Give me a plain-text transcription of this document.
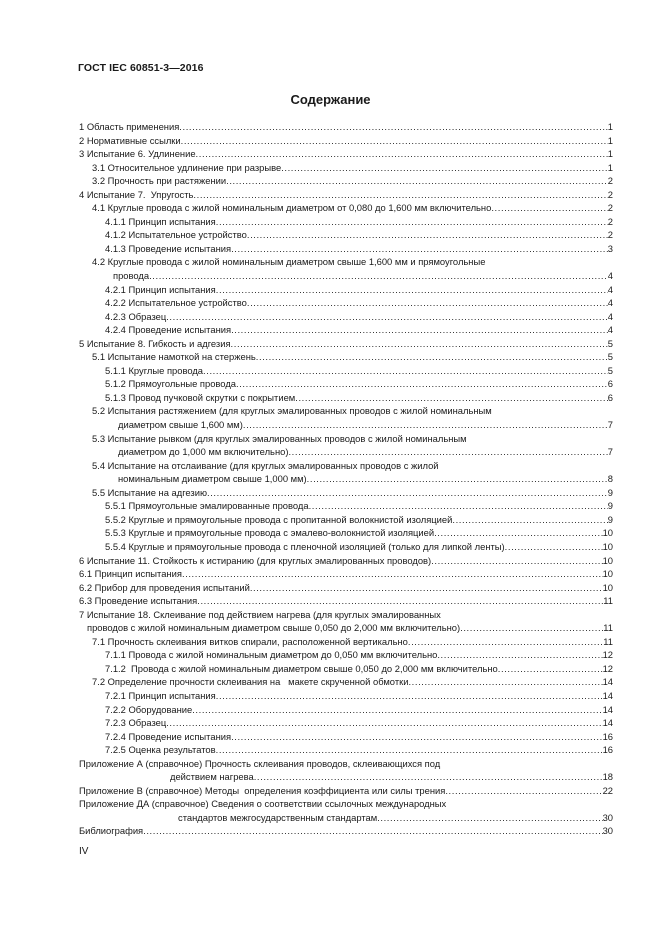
ГОСТ IEC 60851-3—2016
Содержание
1 Область применения .....	1
2 Нормативные ссылки .....	1
3 Испытание 6. Удлинение .....	1
3.1 Относительное удлинение при разрыве .....	1
3.2 Прочность при растяжении .....	2
4 Испытание 7.  Упругость .....	2
4.1 Круглые провода с жилой номинальным диаметром от 0,080 до 1,600 мм включительно .....	2
4.1.1 Принцип испытания .....	2
4.1.2 Испытательное устройство .....	2
4.1.3 Проведение испытания .....	3
4.2 Круглые провода с жилой номинальным диаметром свыше 1,600 мм и прямоугольные
провода .....	4
4.2.1 Принцип испытания .....	4
4.2.2 Испытательное устройство .....	4
4.2.3 Образец .....	4
4.2.4 Проведение испытания .....	4
5 Испытание 8. Гибкость и адгезия .....	5
5.1 Испытание намоткой на стержень .....	5
5.1.1 Круглые провода .....	5
5.1.2 Прямоугольные провода .....	6
5.1.3 Провод пучковой скрутки с покрытием .....	6
5.2 Испытания растяжением (для круглых эмалированных проводов с жилой номинальным
диаметром свыше 1,600 мм) .....	7
5.3 Испытание рывком (для круглых эмалированных проводов с жилой номинальным
диаметром до 1,000 мм включительно) .....	7
5.4 Испытание на отслаивание (для круглых эмалированных проводов с жилой
номинальным диаметром свыше 1,000 мм) .....	8
5.5 Испытание на адгезию .....	9
5.5.1 Прямоугольные эмалированные провода .....	9
5.5.2 Круглые и прямоугольные провода с пропитанной волокнистой изоляцией .....	9
5.5.3 Круглые и прямоугольные провода с эмалево-волокнистой изоляцией .....	10
5.5.4 Круглые и прямоугольные провода с пленочной изоляцией (только для липкой ленты) .....	10
6 Испытание 11. Стойкость к истиранию (для круглых эмалированных проводов) .....	10
6.1 Принцип испытания .....	10
6.2 Прибор для проведения испытаний .....	10
6.3 Проведение испытания .....	11
7 Испытание 18. Склеивание под действием нагрева (для круглых эмалированных
проводов с жилой номинальным диаметром свыше 0,050 до 2,000 мм включительно) .....	11
7.1 Прочность склеивания витков спирали, расположенной вертикально .....	11
7.1.1 Провода с жилой номинальным диаметром до 0,050 мм включительно .....	12
7.1.2  Провода с жилой номинальным диаметром свыше 0,050 до 2,000 мм включительно .....	12
7.2 Определение прочности склеивания на   макете скрученной обмотки .....	14
7.2.1 Принцип испытания .....	14
7.2.2 Оборудование .....	14
7.2.3 Образец .....	14
7.2.4 Проведение испытания .....	16
7.2.5 Оценка результатов .....	16
Приложение А (справочное) Прочность склеивания проводов, склеивающихся под
действием нагрева .....	18
Приложение В (справочное) Методы  определения коэффициента или силы трения .....	22
Приложение ДА (справочное) Сведения о соответствии ссылочных международных
стандартов межгосударственным стандартам .....	30
Библиография .....	30
IV
